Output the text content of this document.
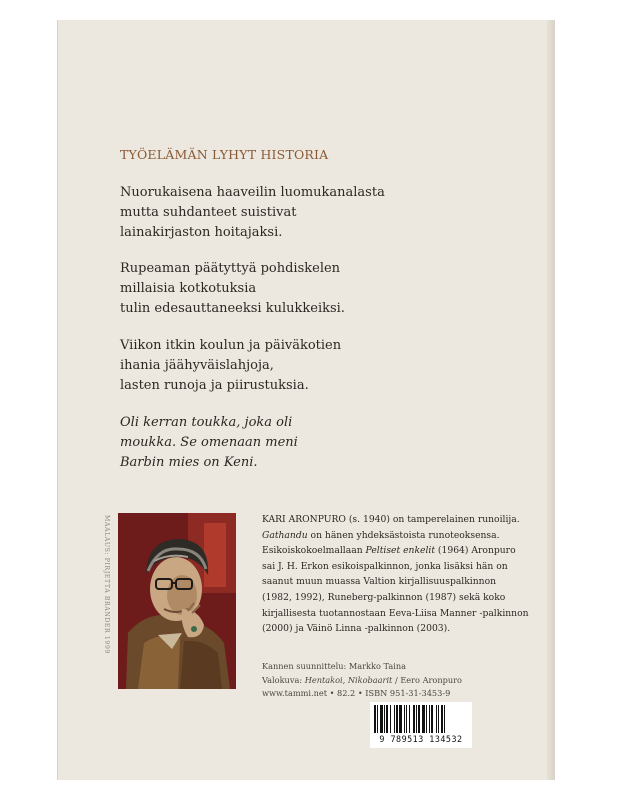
TYÖELÄMÄN LYHYT HISTORIA

Nuorukaisena haaveilin luomukanalasta

mutta suhdanteet suistivat

lainakirjaston hoitajaksi.

Rupeaman päätyttyä pohdiskelen

millaisia kotkotuksia

tulin edesauttaneeksi kulukkeiksi.

Viikon itkin koulun ja päiväkotien

ihania jäähyväislahjoja,

lasten runoja ja piirustuksia.

Oli kerran toukka, joka oli

moukka. Se omenaan meni

Barbin mies on Keni.

MAALAUS: PIRJETTA BRANDER 1999	KARI ARONPURO (s. 1940) on tamperelainen runoilija.

Gathandu on hänen yhdeksästoista runoteoksensa.

Esikoiskokoelmallaan Peltiset enkelit (1964) Aronpuro

sai J. H. Erkon esikoispalkinnon, jonka lisäksi hän on

saanut muun muassa Valtion kirjallisuuspalkinnon

(1982, 1992), Runeberg-palkinnon (1987) sekä koko

kirjallisesta tuotannostaan Eeva-Liisa Manner -palkinnon

(2000) ja Väinö Linna -palkinnon (2003).

Kannen suunnittelu: Markko Taina

Valokuva: Hentakoi, Nikobaarit / Eero Aronpuro

www.tammi.net • 82.2 • ISBN 951-31-3453-9

9 789513 134532
